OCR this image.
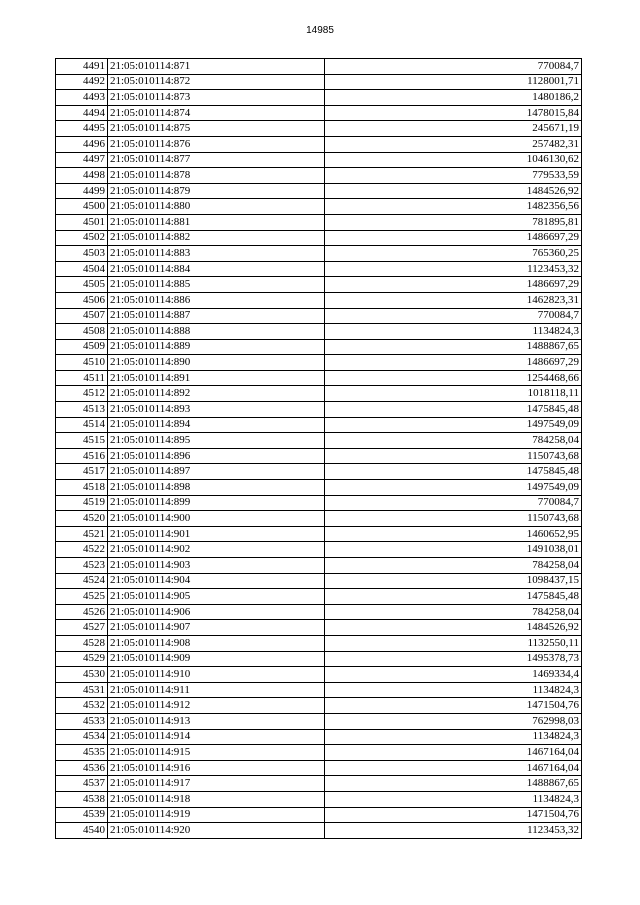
14985
4491	21:05:010114:871	770084,7
4492	21:05:010114:872	1128001,71
4493	21:05:010114:873	1480186,2
4494	21:05:010114:874	1478015,84
4495	21:05:010114:875	245671,19
4496	21:05:010114:876	257482,31
4497	21:05:010114:877	1046130,62
4498	21:05:010114:878	779533,59
4499	21:05:010114:879	1484526,92
4500	21:05:010114:880	1482356,56
4501	21:05:010114:881	781895,81
4502	21:05:010114:882	1486697,29
4503	21:05:010114:883	765360,25
4504	21:05:010114:884	1123453,32
4505	21:05:010114:885	1486697,29
4506	21:05:010114:886	1462823,31
4507	21:05:010114:887	770084,7
4508	21:05:010114:888	1134824,3
4509	21:05:010114:889	1488867,65
4510	21:05:010114:890	1486697,29
4511	21:05:010114:891	1254468,66
4512	21:05:010114:892	1018118,11
4513	21:05:010114:893	1475845,48
4514	21:05:010114:894	1497549,09
4515	21:05:010114:895	784258,04
4516	21:05:010114:896	1150743,68
4517	21:05:010114:897	1475845,48
4518	21:05:010114:898	1497549,09
4519	21:05:010114:899	770084,7
4520	21:05:010114:900	1150743,68
4521	21:05:010114:901	1460652,95
4522	21:05:010114:902	1491038,01
4523	21:05:010114:903	784258,04
4524	21:05:010114:904	1098437,15
4525	21:05:010114:905	1475845,48
4526	21:05:010114:906	784258,04
4527	21:05:010114:907	1484526,92
4528	21:05:010114:908	1132550,11
4529	21:05:010114:909	1495378,73
4530	21:05:010114:910	1469334,4
4531	21:05:010114:911	1134824,3
4532	21:05:010114:912	1471504,76
4533	21:05:010114:913	762998,03
4534	21:05:010114:914	1134824,3
4535	21:05:010114:915	1467164,04
4536	21:05:010114:916	1467164,04
4537	21:05:010114:917	1488867,65
4538	21:05:010114:918	1134824,3
4539	21:05:010114:919	1471504,76
4540	21:05:010114:920	1123453,32
